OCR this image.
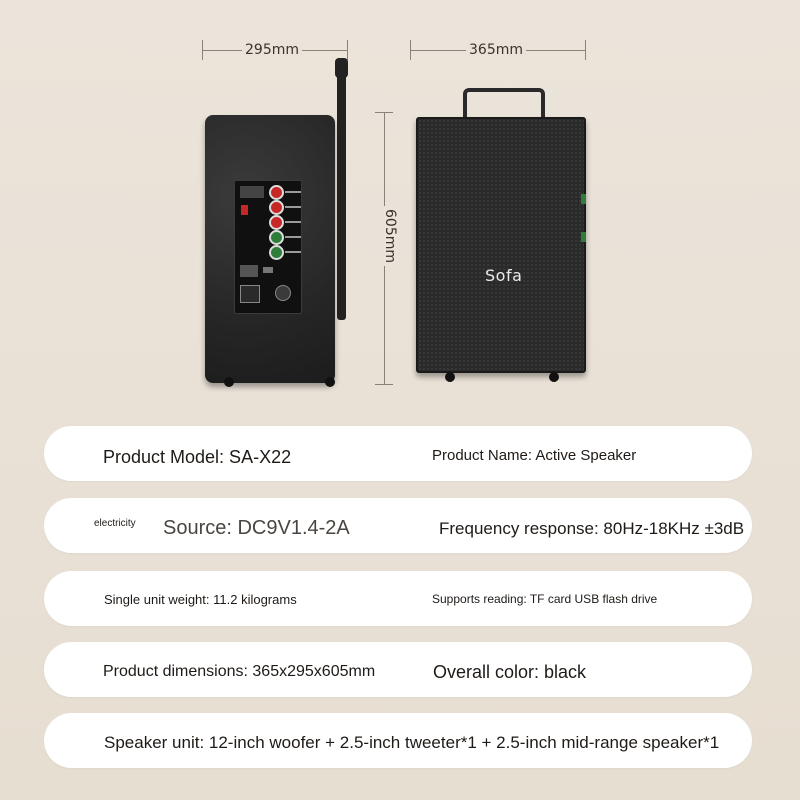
295mm	365mm
605mm
Sofa
Product Model: SA-X22	Product Name: Active Speaker
electricity Source: DC9V1.4-2A	Frequency response: 80Hz-18KHz ±3dB
Single unit weight: 11.2 kilograms	Supports reading: TF card USB flash drive
Product dimensions: 365x295x605mm	Overall color: black
Speaker unit: 12-inch woofer + 2.5-inch tweeter*1 + 2.5-inch mid-range speaker*1
